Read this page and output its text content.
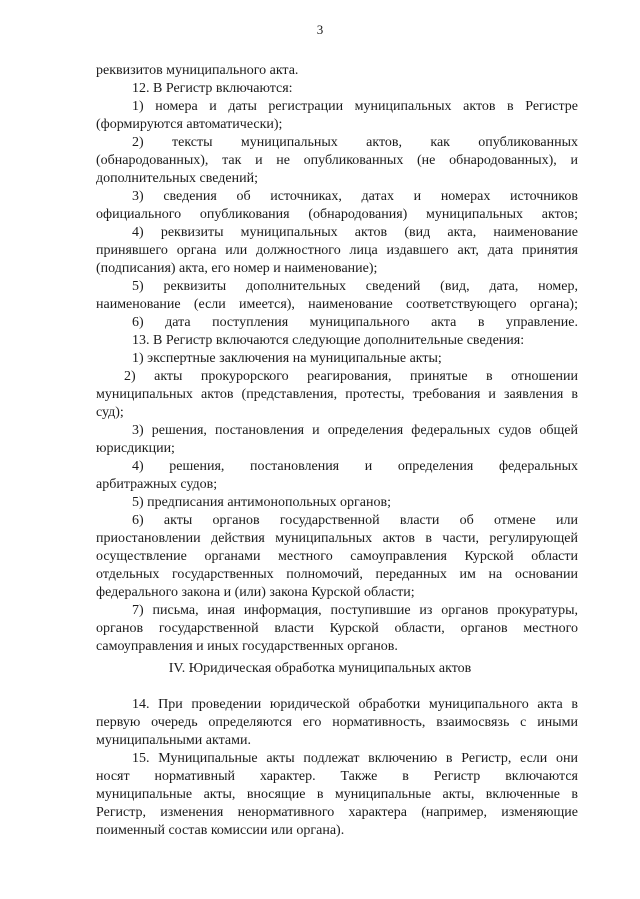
3
реквизитов муниципального акта.
12. В Регистр включаются:
1) номера и даты регистрации муниципальных актов в Регистре
(формируются автоматически);
2) тексты муниципальных актов, как опубликованных
(обнародованных), так и не опубликованных (не обнародованных), и
дополнительных сведений;
3) сведения об источниках, датах и номерах источников
официального опубликования (обнародования) муниципальных актов;
4) реквизиты муниципальных актов (вид акта, наименование
принявшего органа или должностного лица издавшего акт, дата принятия
(подписания) акта, его номер и наименование);
5) реквизиты дополнительных сведений (вид, дата, номер,
наименование (если имеется), наименование соответствующего органа);
6) дата поступления муниципального акта в управление.
13. В Регистр включаются следующие дополнительные сведения:
1) экспертные заключения на муниципальные акты;
2) акты прокурорского реагирования, принятые в отношении
муниципальных актов (представления, протесты, требования и заявления в
суд);
3) решения, постановления и определения федеральных судов общей
юрисдикции;
4) решения, постановления и определения федеральных
арбитражных судов;
5) предписания антимонопольных органов;
6) акты органов государственной власти об отмене или
приостановлении действия муниципальных актов в части, регулирующей
осуществление органами местного самоуправления Курской области
отдельных государственных полномочий, переданных им на основании
федерального закона и (или) закона Курской области;
7) письма, иная информация, поступившие из органов прокуратуры,
органов государственной власти Курской области, органов местного
самоуправления и иных государственных органов.
IV. Юридическая обработка муниципальных актов
14. При проведении юридической обработки муниципального акта в
первую очередь определяются его нормативность, взаимосвязь с иными
муниципальными актами.
15. Муниципальные акты подлежат включению в Регистр, если они
носят нормативный характер. Также в Регистр включаются
муниципальные акты, вносящие в муниципальные акты, включенные в
Регистр, изменения ненормативного характера (например, изменяющие
поименный состав комиссии или органа).
